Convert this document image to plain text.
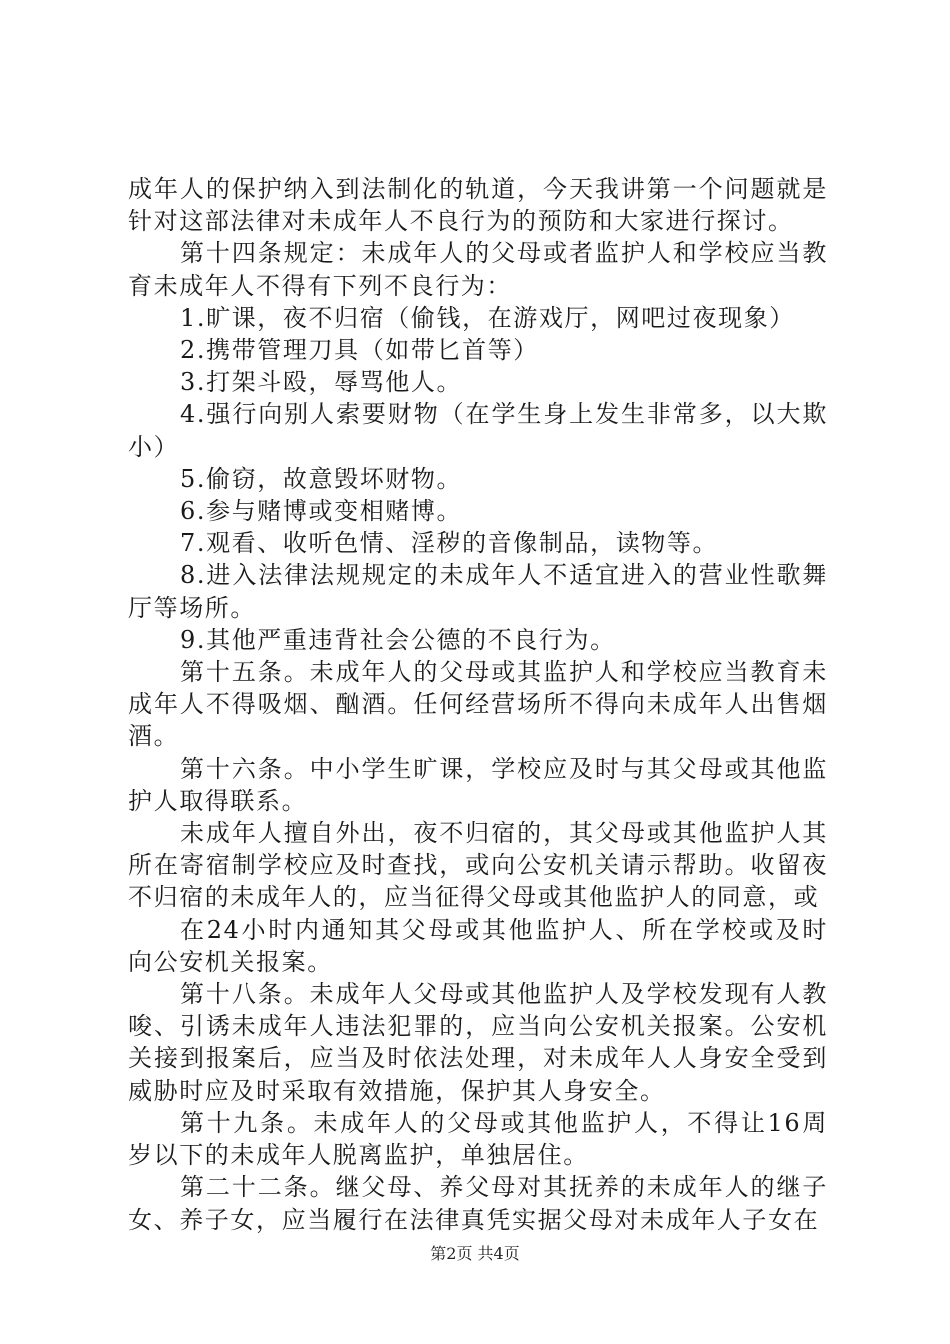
成年人的保护纳入到法制化的轨道，今天我讲第一个问题就是针对这部法律对未成年人不良行为的预防和大家进行探讨。

第十四条规定：未成年人的父母或者监护人和学校应当教育未成年人不得有下列不良行为：

1.旷课，夜不归宿（偷钱，在游戏厅，网吧过夜现象）

2.携带管理刀具（如带匕首等）

3.打架斗殴，辱骂他人。

4.强行向别人索要财物（在学生身上发生非常多，以大欺小）

5.偷窃，故意毁坏财物。

6.参与赌博或变相赌博。

7.观看、收听色情、淫秽的音像制品，读物等。

8.进入法律法规规定的未成年人不适宜进入的营业性歌舞厅等场所。

9.其他严重违背社会公德的不良行为。

第十五条。未成年人的父母或其监护人和学校应当教育未成年人不得吸烟、酗酒。任何经营场所不得向未成年人出售烟酒。

第十六条。中小学生旷课，学校应及时与其父母或其他监护人取得联系。

未成年人擅自外出，夜不归宿的，其父母或其他监护人其所在寄宿制学校应及时查找，或向公安机关请示帮助。收留夜不归宿的未成年人的，应当征得父母或其他监护人的同意，或

在24小时内通知其父母或其他监护人、所在学校或及时向公安机关报案。

第十八条。未成年人父母或其他监护人及学校发现有人教唆、引诱未成年人违法犯罪的，应当向公安机关报案。公安机关接到报案后，应当及时依法处理，对未成年人人身安全受到威胁时应及时采取有效措施，保护其人身安全。

第十九条。未成年人的父母或其他监护人，不得让16周岁以下的未成年人脱离监护，单独居住。

第二十二条。继父母、养父母对其抚养的未成年人的继子女、养子女，应当履行在法律真凭实据父母对未成年人子女在

第2页 共4页
